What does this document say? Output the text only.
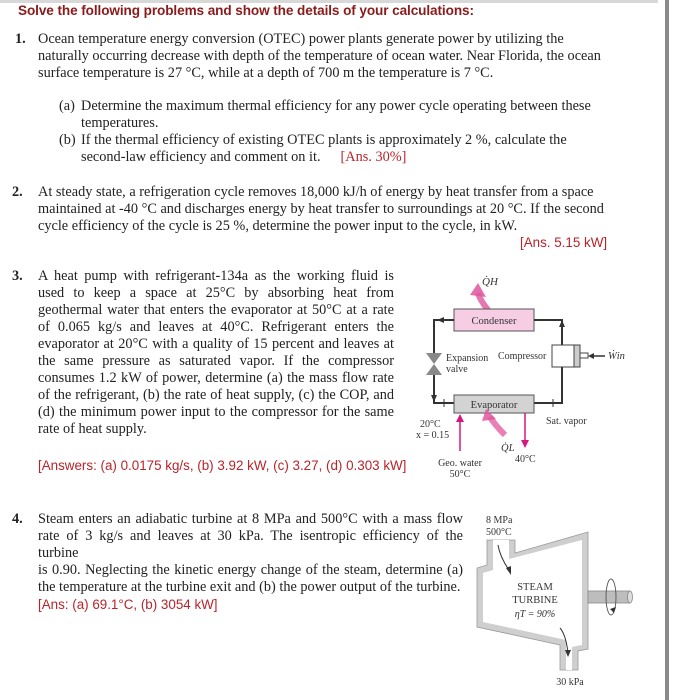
Solve the following problems and show the details of your calculations:
1. Ocean temperature energy conversion (OTEC) power plants generate power by utilizing the
naturally occurring decrease with depth of the temperature of ocean water. Near Florida, the ocean
surface temperature is 27 °C, while at a depth of 700 m the temperature is 7 °C.
(a) Determine the maximum thermal efficiency for any power cycle operating between these
temperatures.
(b) If the thermal efficiency of existing OTEC plants is approximately 2 %, calculate the
second-law efficiency and comment on it. [Ans. 30%]
2. At steady state, a refrigeration cycle removes 18,000 kJ/h of energy by heat transfer from a space
maintained at -40 °C and discharges energy by heat transfer to surroundings at 20 °C. If the second
cycle efficiency of the cycle is 25 %, determine the power input to the cycle, in kW.
[Ans. 5.15 kW]
3. A heat pump with refrigerant-134a as the working fluid is
used to keep a space at 25°C by absorbing heat from
geothermal water that enters the evaporator at 50°C at a rate
of 0.065 kg/s and leaves at 40°C. Refrigerant enters the
evaporator at 20°C with a quality of 15 percent and leaves at
the same pressure as saturated vapor. If the compressor
consumes 1.2 kW of power, determine (a) the mass flow rate
of the refrigerant, (b) the rate of heat supply, (c) the COP, and
(d) the minimum power input to the compressor for the same
rate of heat supply.
[Answers: (a) 0.0175 kg/s, (b) 3.92 kW, (c) 3.27, (d) 0.303 kW]
Q̇H
Condenser
Expansion
valve
Compressor	Ẇin
Evaporator
20°C
x = 0.15
Sat. vapor
Q̇L
40°C
Geo. water
50°C
4. Steam enters an adiabatic turbine at 8 MPa and 500°C with a mass flow
rate of 3 kg/s and leaves at 30 kPa. The isentropic efficiency of the turbine
is 0.90. Neglecting the kinetic energy change of the steam, determine (a)
the temperature at the turbine exit and (b) the power output of the turbine.
[Ans: (a) 69.1°C, (b) 3054 kW]
8 MPa
500°C
STEAM
TURBINE
ηT = 90%
30 kPa
